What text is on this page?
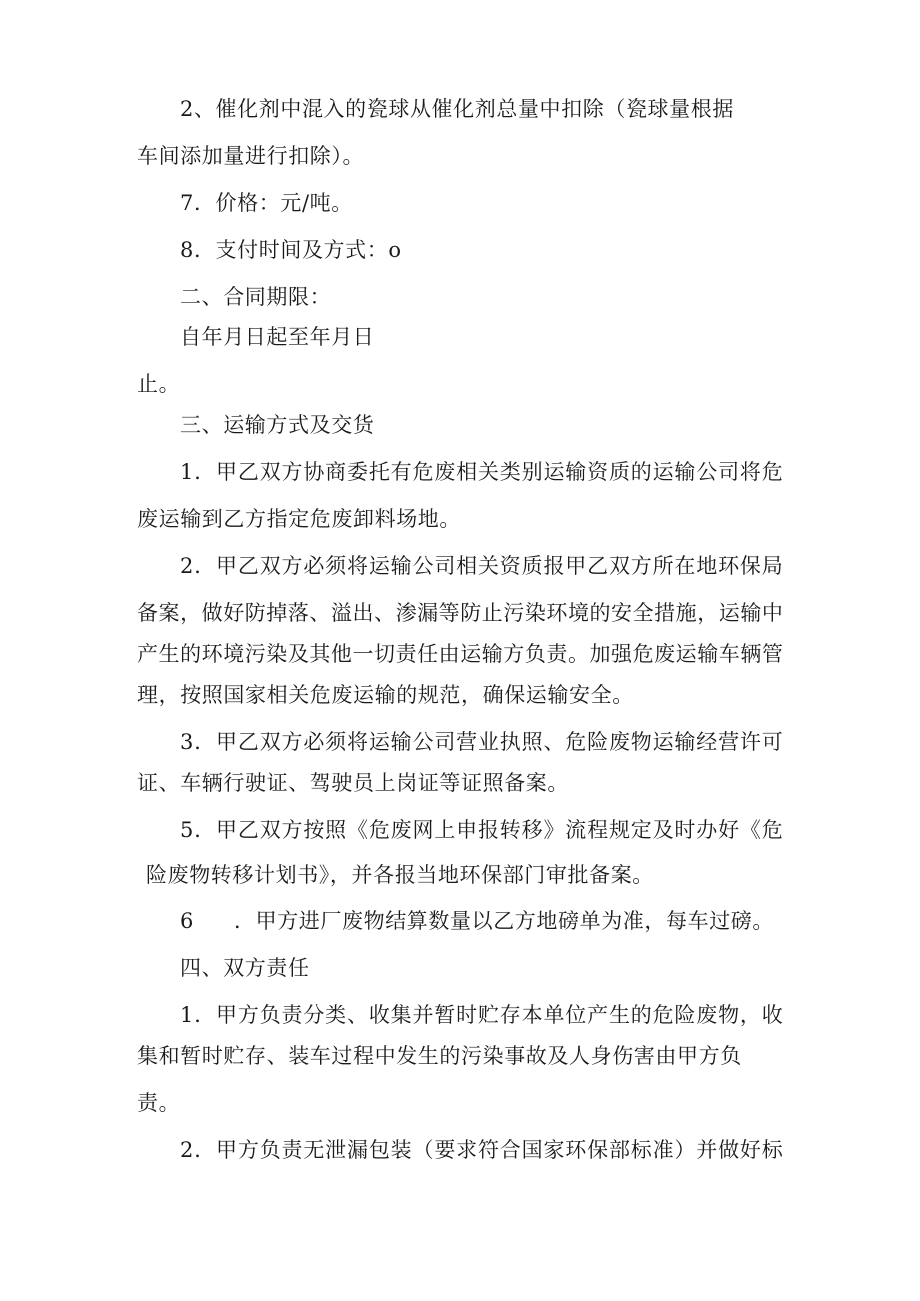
2、催化剂中混入的瓷球从催化剂总量中扣除（瓷球量根据
车间添加量进行扣除）。
7．价格：元/吨。
8．支付时间及方式：o
二、合同期限：
自年月日起至年月日
止。
三、运输方式及交货
1 ． 甲 乙 双 方 协 商 委 托 有 危 废 相 关 类 别 运 输 资 质 的 运 输 公 司 将 危
废运输到乙方指定危废卸料场地。
2 ． 甲 乙 双 方 必 须 将 运 输 公 司 相 关 资 质 报 甲 乙 双 方 所 在 地 环 保 局
备 案 ， 做 好 防 掉 落 、 溢 出 、 渗 漏 等 防 止 污 染 环 境 的 安 全 措 施 ， 运 输 中
产 生 的 环 境 污 染 及 其 他 一 切 责 任 由 运 输 方 负 责 。 加 强 危 废 运 输 车 辆 管
理，按照国家相关危废运输的规范，确保运输安全。
3 ． 甲 乙 双 方 必 须 将 运 输 公 司 营 业 执 照 、 危 险 废 物 运 输 经 营 许 可
证、车辆行驶证、驾驶员上岗证等证照备案。
5 ． 甲 乙 双 方 按 照 《 危 废 网 上 申 报 转 移 》 流 程 规 定 及 时 办 好 《 危
险废物转移计划书》，并各报当地环保部门审批备案。
6 ．甲方进厂废物结算数量以乙方地磅单为准，每车过磅。
四、双方责任
1 ． 甲 方 负 责 分 类 、 收 集 并 暂 时 贮 存 本 单 位 产 生 的 危 险 废 物 ， 收
集和暂时贮存、装车过程中发生的污染事故及人身伤害由甲方负
责。
2 ． 甲 方 负 责 无 泄 漏 包 装 （ 要 求 符 合 国 家 环 保 部 标 准 ） 并 做 好 标
